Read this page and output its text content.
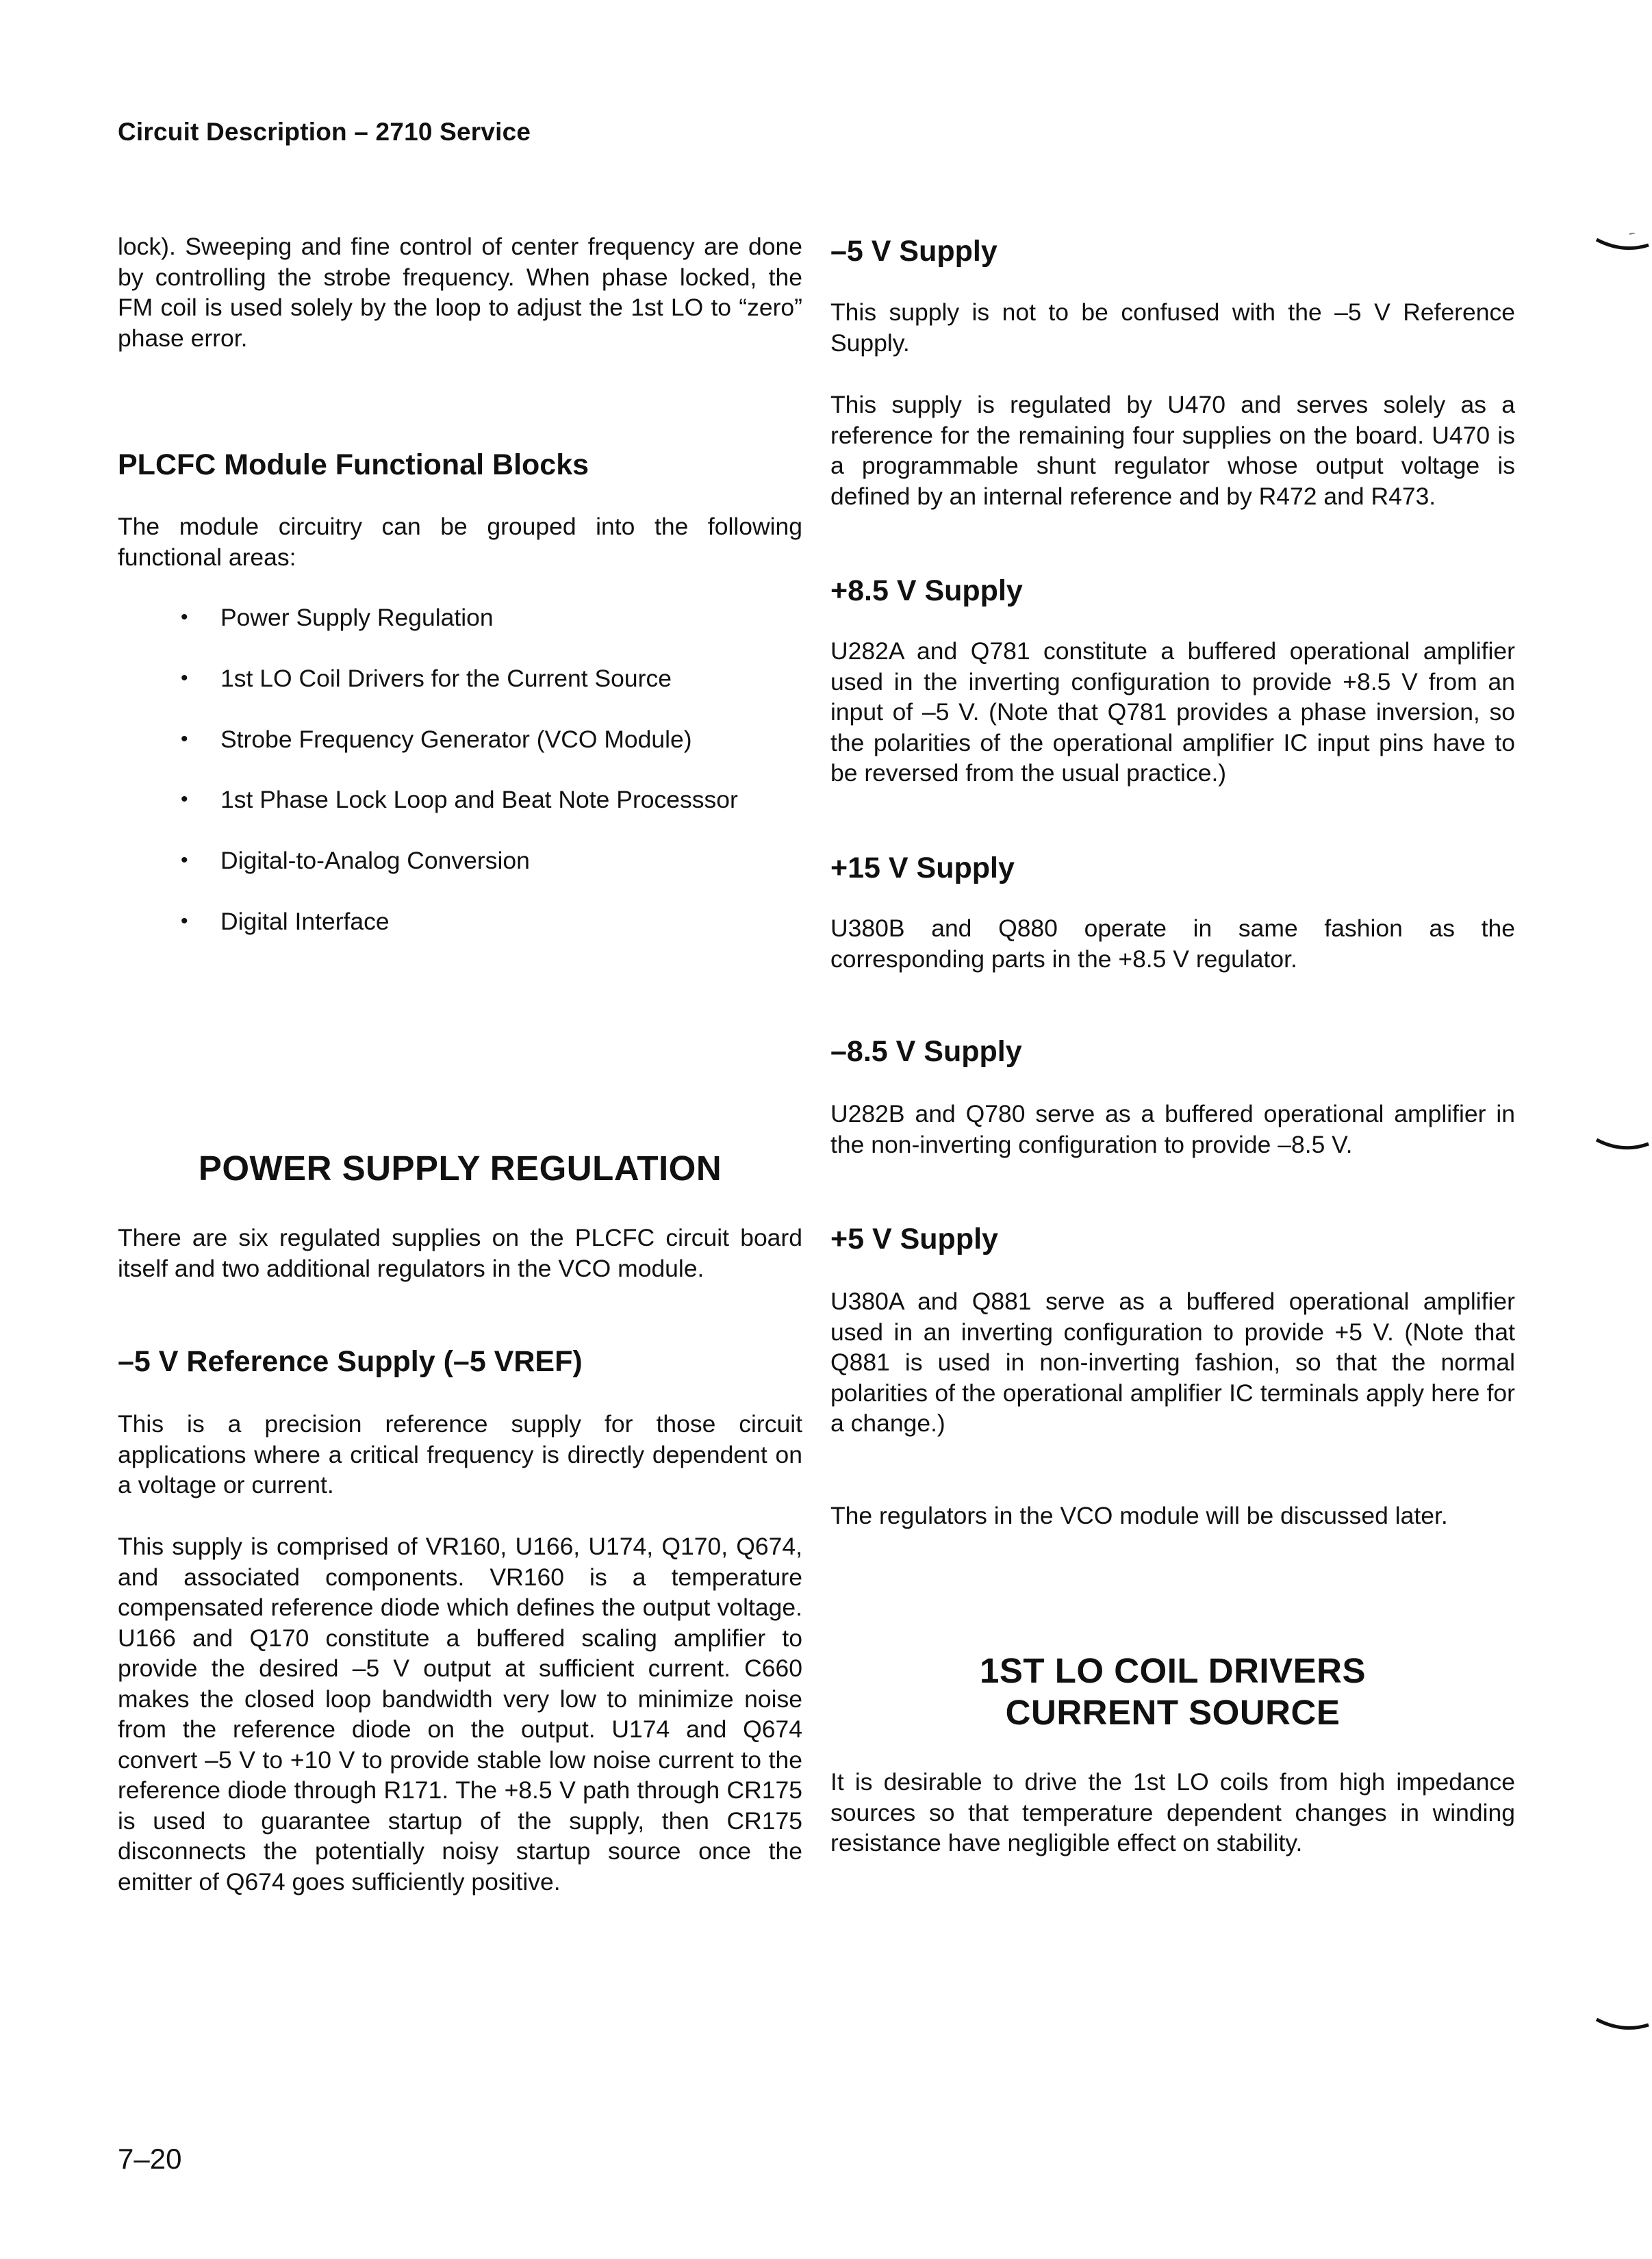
Circuit Description – 2710 Service

lock). Sweeping and fine control of center frequency are done by controlling the strobe frequency. When phase locked, the FM coil is used solely by the loop to adjust the 1st LO to “zero” phase error.

PLCFC Module Functional Blocks

The module circuitry can be grouped into the following functional areas:

• Power Supply Regulation
• 1st LO Coil Drivers for the Current Source
• Strobe Frequency Generator (VCO Module)
• 1st Phase Lock Loop and Beat Note Processsor
• Digital-to-Analog Conversion
• Digital Interface
POWER SUPPLY REGULATION

There are six regulated supplies on the PLCFC circuit board itself and two additional regulators in the VCO module.

–5 V Reference Supply (–5 VREF)

This is a precision reference supply for those circuit applications where a critical frequency is directly dependent on a voltage or current.

This supply is comprised of VR160, U166, U174, Q170, Q674, and associated components. VR160 is a temperature compensated reference diode which defines the output voltage. U166 and Q170 constitute a buffered scaling amplifier to provide the desired –5 V output at sufficient current. C660 makes the closed loop bandwidth very low to minimize noise from the reference diode on the output. U174 and Q674 convert –5 V to +10 V to provide stable low noise current to the reference diode through R171. The +8.5 V path through CR175 is used to guarantee startup of the supply, then CR175 disconnects the potentially noisy startup source once the emitter of Q674 goes sufficiently positive.

–5 V Supply

This supply is not to be confused with the –5 V Reference Supply.

This supply is regulated by U470 and serves solely as a reference for the remaining four supplies on the board. U470 is a programmable shunt regulator whose output voltage is defined by an internal reference and by R472 and R473.

+8.5 V Supply

U282A and Q781 constitute a buffered operational amplifier used in the inverting configuration to provide +8.5 V from an input of –5 V. (Note that Q781 provides a phase inversion, so the polarities of the operational amplifier IC input pins have to be reversed from the usual practice.)

+15 V Supply

U380B and Q880 operate in same fashion as the corresponding parts in the +8.5 V regulator.

–8.5 V Supply

U282B and Q780 serve as a buffered operational amplifier in the non-inverting configuration to provide –8.5 V.

+5 V Supply

U380A and Q881 serve as a buffered operational amplifier used in an inverting configuration to provide +5 V. (Note that Q881 is used in non-inverting fashion, so that the normal polarities of the operational amplifier IC terminals apply here for a change.)

The regulators in the VCO module will be discussed later.

1ST LO COIL DRIVERS
CURRENT SOURCE

It is desirable to drive the 1st LO coils from high impedance sources so that temperature dependent changes in winding resistance have negligible effect on stability.

7–20
